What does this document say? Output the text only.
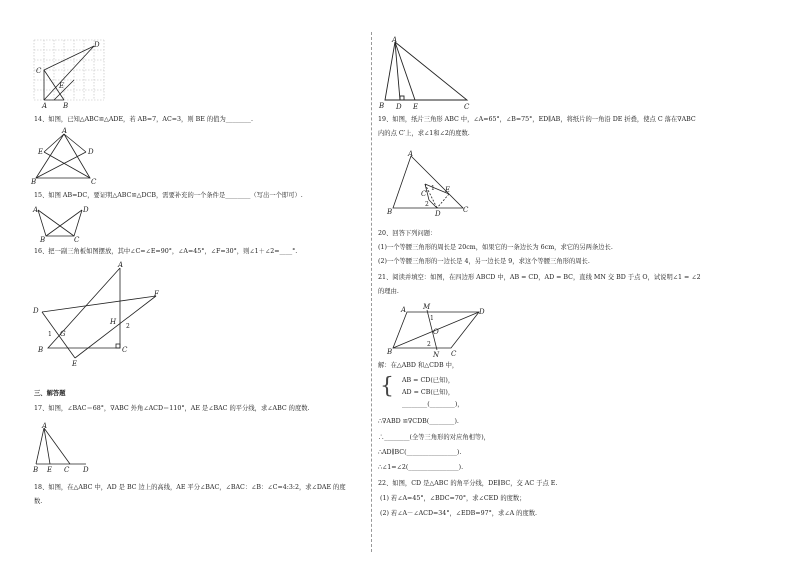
D
C
E
A B
14、如图，已知△ABC≌△ADE，若 AB=7，AC=3，则 BE 的值为________.
A
E	D
B	C
15、如图 AB=DC，要证明△ABC≌△DCB，需要补充的一个条件是________（写出一个即可）.
A	D
B	C
16、把一副三角板如图摆放，其中∠C=∠E=90°，∠A=45°，∠F=30°，则∠1＋∠2=____°.
A
D
F
H
2
1 G
B	C
E
三、解答题
17、如图，∠BAC＝68°，∇ABC 外角∠ACD＝110°，AE 是∠BAC 的平分线，求∠ABC 的度数.
A
B E C D
18、如图，在△ABC 中，AD 是 BC 边上的高线，AE 平分∠BAC，∠BAC：∠B：∠C=4:3:2，求∠DAE 的度
数.
A
B D E	C
19、如图，纸片三角形 ABC 中，∠A=65°，∠B=75°，ED∥AB，将纸片的一角沿 DE 折叠，使点 C 落在∇ABC
内的点 C′上，求∠1和∠2的度数.
A
C′
1 E
2
B	D	C
20、回答下列问题：
(1)一个等腰三角形的周长是 20cm，如果它的一条边长为 6cm，求它的另两条边长.
(2)一个等腰三角形的一边长是 4，另一边长是 9，求这个等腰三角形的周长.
21、阅读并填空：如图，在四边形 ABCD 中，AB = CD，AD = BC，直线 MN 交 BD 于点 O，试说明∠1 = ∠2
的理由.
A M
1
D
O
2
B	N C
解：在△ABD 和△CDB 中，
{ AB = CD(已知)，
AD = CB(已知)，
________(________)，
∴∇ABD ≌∇CDB(________).
∴________(全等三角形的对应角相等)，
∴AD∥BC(________________).
∴∠1=∠2(________________).
22、如图，CD 是△ABC 的角平分线，DE∥BC，交 AC 于点 E.
(1) 若∠A=45°，∠BDC=70°，求∠CED 的度数；
(2) 若∠A－∠ACD=34°，∠EDB=97°，求∠A 的度数.
